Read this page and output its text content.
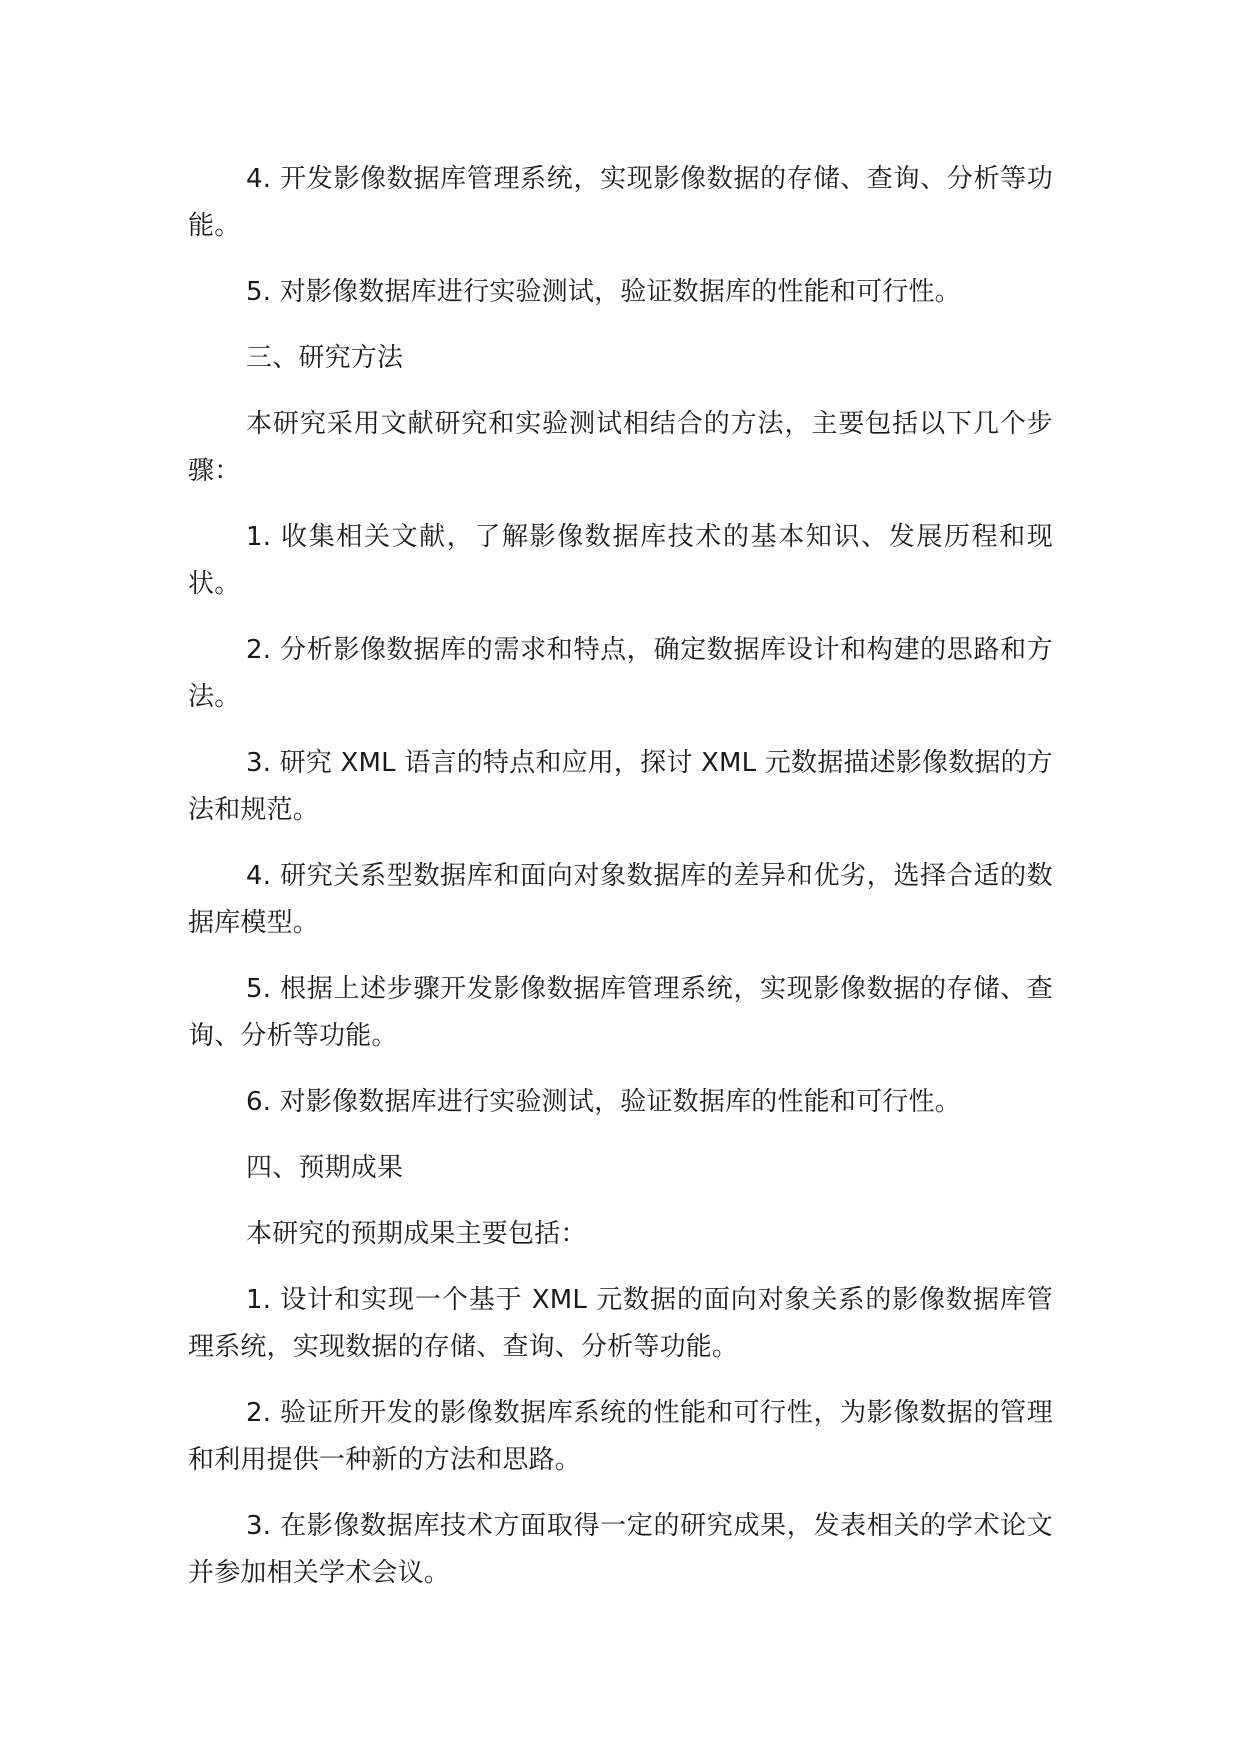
4. 开发影像数据库管理系统，实现影像数据的存储、查询、分析等功能。

5. 对影像数据库进行实验测试，验证数据库的性能和可行性。

三、研究方法

本研究采用文献研究和实验测试相结合的方法，主要包括以下几个步骤：

1. 收集相关文献，了解影像数据库技术的基本知识、发展历程和现状。

2. 分析影像数据库的需求和特点，确定数据库设计和构建的思路和方法。

3. 研究 XML 语言的特点和应用，探讨 XML 元数据描述影像数据的方法和规范。

4. 研究关系型数据库和面向对象数据库的差异和优劣，选择合适的数据库模型。

5. 根据上述步骤开发影像数据库管理系统，实现影像数据的存储、查询、分析等功能。

6. 对影像数据库进行实验测试，验证数据库的性能和可行性。

四、预期成果

本研究的预期成果主要包括：

1. 设计和实现一个基于 XML 元数据的面向对象关系的影像数据库管理系统，实现数据的存储、查询、分析等功能。

2. 验证所开发的影像数据库系统的性能和可行性，为影像数据的管理和利用提供一种新的方法和思路。

3. 在影像数据库技术方面取得一定的研究成果，发表相关的学术论文并参加相关学术会议。
